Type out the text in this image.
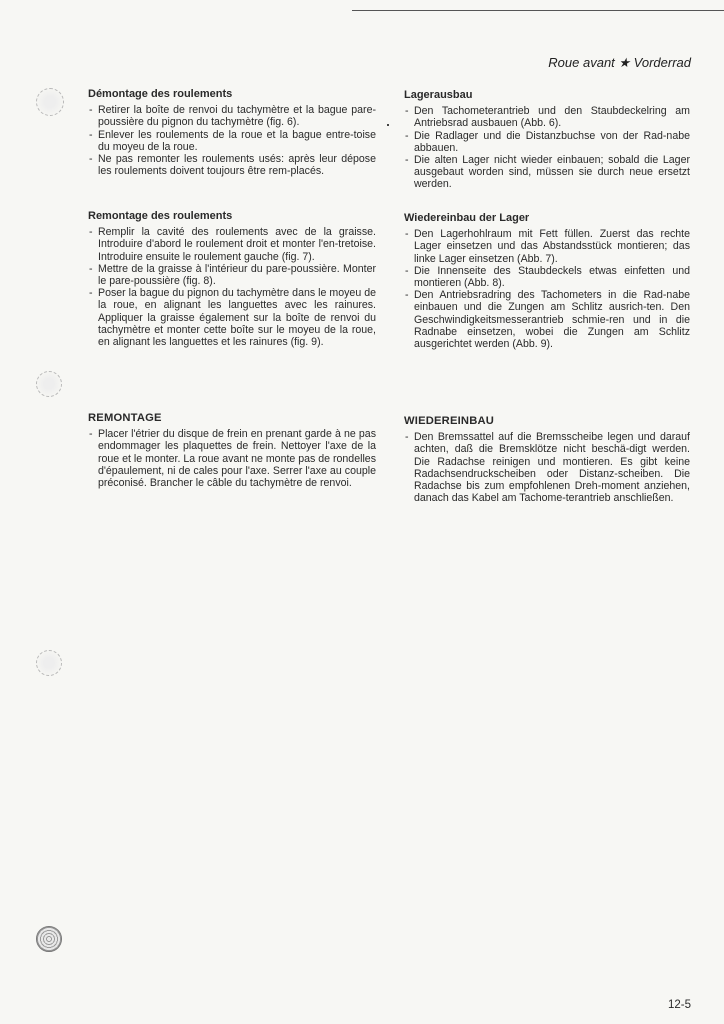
Roue avant ★ Vorderrad
Démontage des roulements
- Retirer la boîte de renvoi du tachymètre et la bague pare-poussière du pignon du tachymètre (fig. 6).
- Enlever les roulements de la roue et la bague entre-toise du moyeu de la roue.
- Ne pas remonter les roulements usés: après leur dépose les roulements doivent toujours être rem-placés.
Remontage des roulements
- Remplir la cavité des roulements avec de la graisse. Introduire d'abord le roulement droit et monter l'en-tretoise. Introduire ensuite le roulement gauche (fig. 7).
- Mettre de la graisse à l'intérieur du pare-poussière. Monter le pare-poussière (fig. 8).
- Poser la bague du pignon du tachymètre dans le moyeu de la roue, en alignant les languettes avec les rainures. Appliquer la graisse également sur la boîte de renvoi du tachymètre et monter cette boîte sur le moyeu de la roue, en alignant les languettes et les rainures (fig. 9).
REMONTAGE
- Placer l'étrier du disque de frein en prenant garde à ne pas endommager les plaquettes de frein. Nettoyer l'axe de la roue et le monter. La roue avant ne monte pas de rondelles d'épaulement, ni de cales pour l'axe. Serrer l'axe au couple préconisé. Brancher le câble du tachymètre de renvoi.
Lagerausbau
- Den Tachometerantrieb und den Staubdeckelring am Antriebsrad ausbauen (Abb. 6).
- Die Radlager und die Distanzbuchse von der Rad-nabe abbauen.
- Die alten Lager nicht wieder einbauen; sobald die Lager ausgebaut worden sind, müssen sie durch neue ersetzt werden.
Wiedereinbau der Lager
- Den Lagerhohlraum mit Fett füllen. Zuerst das rechte Lager einsetzen und das Abstandsstück montieren; das linke Lager einsetzen (Abb. 7).
- Die Innenseite des Staubdeckels etwas einfetten und montieren (Abb. 8).
- Den Antriebsradring des Tachometers in die Rad-nabe einbauen und die Zungen am Schlitz ausrich-ten. Den Geschwindigkeitsmesserantrieb schmie-ren und in die Radnabe einsetzen, wobei die Zungen am Schlitz ausgerichtet werden (Abb. 9).
WIEDEREINBAU
- Den Bremssattel auf die Bremsscheibe legen und darauf achten, daß die Bremsklötze nicht beschä-digt werden. Die Radachse reinigen und montieren. Es gibt keine Radachsendruckscheiben oder Distanz-scheiben. Die Radachse bis zum empfohlenen Dreh-moment anziehen, danach das Kabel am Tachome-terantrieb anschließen.
12-5
